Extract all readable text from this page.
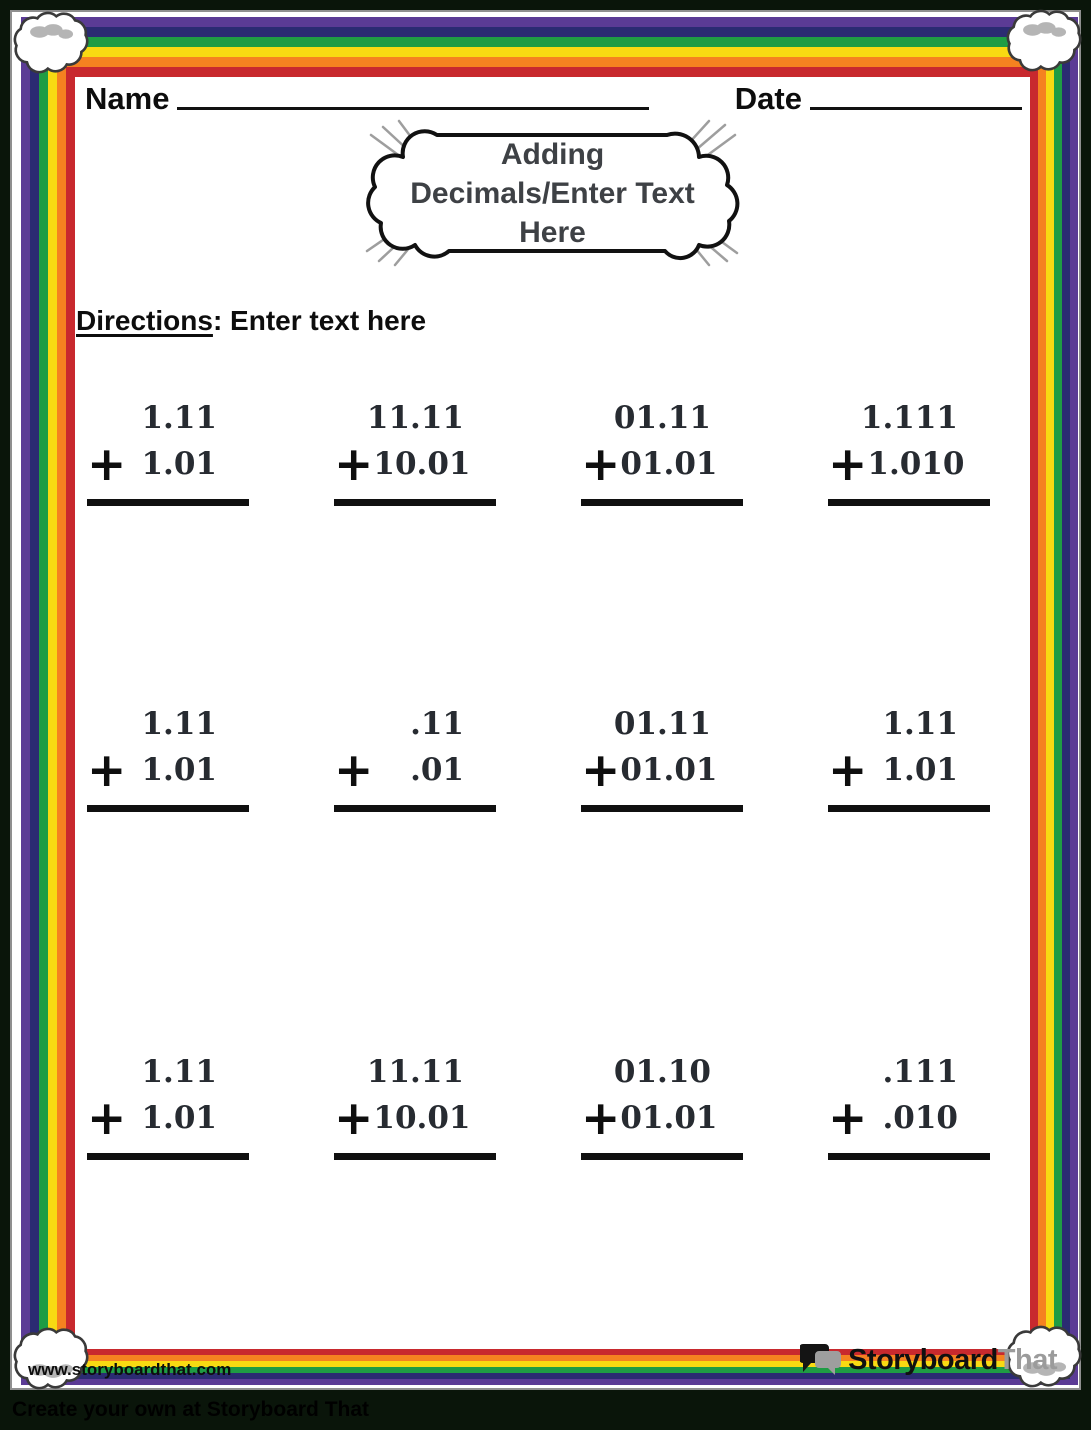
Name	Date
Adding Decimals/Enter Text Here
Directions: Enter text here
1.11
+ 1.01
11.11
+ 10.01
01.11
+ 01.01
1.111
+ 1.010
1.11
+ 1.01
.11
+	.01
01.11
+ 01.01
1.11
+ 1.01
1.11
+ 1.01
11.11
+ 10.01
01.10
+ 01.01
.111
+ .010
www.storyboardthat.com	StoryboardThat
Create your own at Storyboard That
